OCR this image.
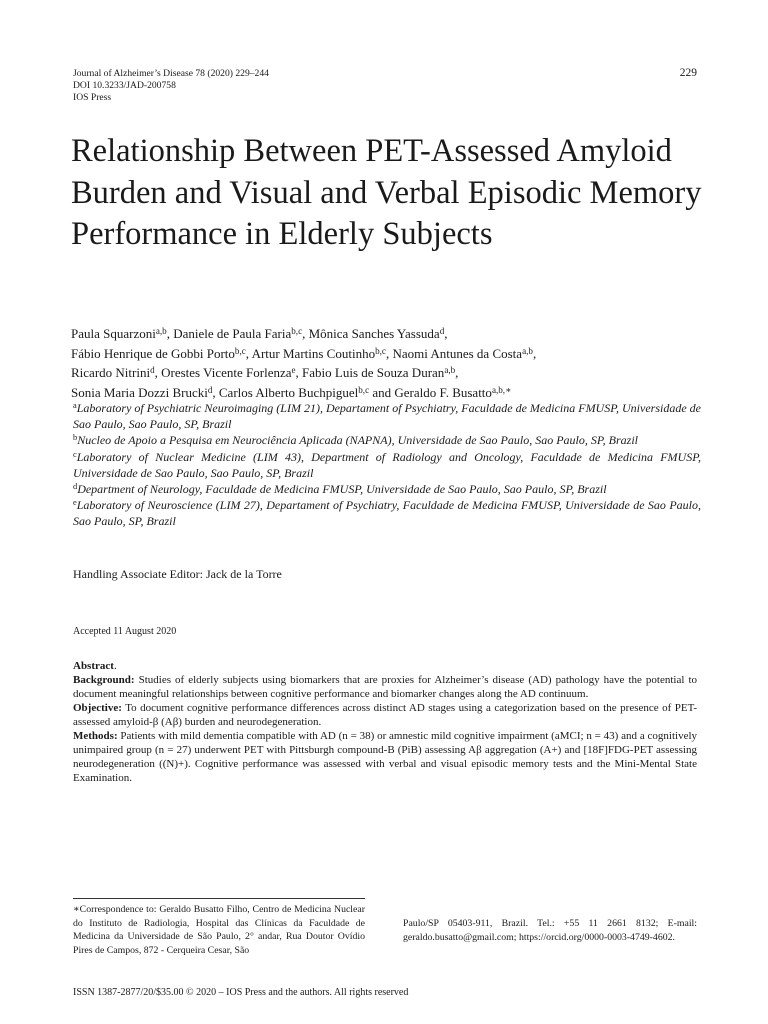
Journal of Alzheimer’s Disease 78 (2020) 229–244
DOI 10.3233/JAD-200758
IOS Press
229
Relationship Between PET-Assessed Amyloid Burden and Visual and Verbal Episodic Memory Performance in Elderly Subjects
Paula Squarzoni$^{a,b}$, Daniele de Paula Faria$^{b,c}$, Mônica Sanches Yassuda$^d$,
Fábio Henrique de Gobbi Porto$^{b,c}$, Artur Martins Coutinho$^{b,c}$, Naomi Antunes da Costa$^{a,b}$,
Ricardo Nitrini$^d$, Orestes Vicente Forlenza$^e$, Fabio Luis de Souza Duran$^{a,b}$,
Sonia Maria Dozzi Brucki$^d$, Carlos Alberto Buchpiguel$^{b,c}$ and Geraldo F. Busatto$^{a,b,∗}$

$^a$Laboratory of Psychiatric Neuroimaging (LIM 21), Departament of Psychiatry, Faculdade de Medicina FMUSP, Universidade de Sao Paulo, Sao Paulo, SP, Brazil

$^b$Nucleo de Apoio a Pesquisa em Neurociência Aplicada (NAPNA), Universidade de Sao Paulo, Sao Paulo, SP, Brazil

$^c$Laboratory of Nuclear Medicine (LIM 43), Department of Radiology and Oncology, Faculdade de Medicina FMUSP, Universidade de Sao Paulo, Sao Paulo, SP, Brazil

$^d$Department of Neurology, Faculdade de Medicina FMUSP, Universidade de Sao Paulo, Sao Paulo, SP, Brazil

$^e$Laboratory of Neuroscience (LIM 27), Departament of Psychiatry, Faculdade de Medicina FMUSP, Universidade de Sao Paulo, Sao Paulo, SP, Brazil

Handling Associate Editor: Jack de la Torre
Accepted 11 August 2020

Abstract.

Background: Studies of elderly subjects using biomarkers that are proxies for Alzheimer’s disease (AD) pathology have the potential to document meaningful relationships between cognitive performance and biomarker changes along the AD continuum.

Objective: To document cognitive performance differences across distinct AD stages using a categorization based on the presence of PET-assessed amyloid-β (Aβ) burden and neurodegeneration.

Methods: Patients with mild dementia compatible with AD (n = 38) or amnestic mild cognitive impairment (aMCI; n = 43) and a cognitively unimpaired group (n = 27) underwent PET with Pittsburgh compound-B (PiB) assessing Aβ aggregation (A+) and [18F]FDG-PET assessing neurodegeneration ((N)+). Cognitive performance was assessed with verbal and visual episodic memory tests and the Mini-Mental State Examination.

∗Correspondence to: Geraldo Busatto Filho, Centro de Medicina Nuclear do Instituto de Radiologia, Hospital das Clínicas da Faculdade de Medicina da Universidade de São Paulo, 2° andar, Rua Doutor Ovídio Pires de Campos, 872 - Cerqueira Cesar, São
Paulo/SP 05403-911, Brazil. Tel.: +55 11 2661 8132; E-mail: geraldo.busatto@gmail.com; https://orcid.org/0000-0003-4749-4602.
ISSN 1387-2877/20/$35.00 © 2020 – IOS Press and the authors. All rights reserved
